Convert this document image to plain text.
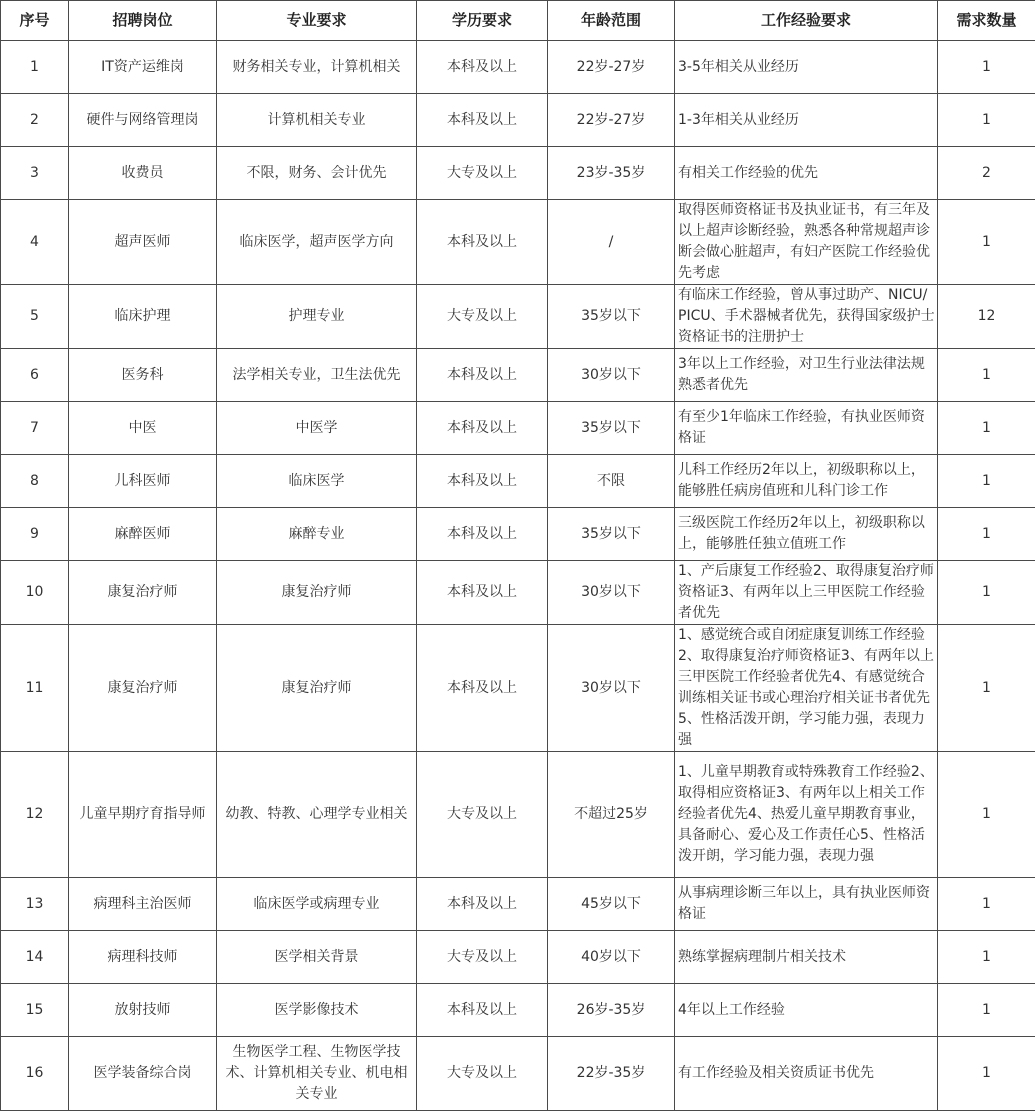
序号	招聘岗位	专业要求	学历要求	年龄范围	工作经验要求	需求数量
1	IT资产运维岗	财务相关专业，计算机相关	本科及以上	22岁-27岁	3-5年相关从业经历	1
2	硬件与网络管理岗	计算机相关专业	本科及以上	22岁-27岁	1-3年相关从业经历	1
3	收费员	不限，财务、会计优先	大专及以上	23岁-35岁	有相关工作经验的优先	2
4	超声医师	临床医学，超声医学方向	本科及以上	/	取得医师资格证书及执业证书，有三年及以上超声诊断经验，熟悉各种常规超声诊断会做心脏超声，有妇产医院工作经验优先考虑	1
5	临床护理	护理专业	大专及以上	35岁以下	有临床工作经验，曾从事过助产、NICU/PICU、手术器械者优先，获得国家级护士资格证书的注册护士	12
6	医务科	法学相关专业，卫生法优先	本科及以上	30岁以下	3年以上工作经验，对卫生行业法律法规熟悉者优先	1
7	中医	中医学	本科及以上	35岁以下	有至少1年临床工作经验，有执业医师资格证	1
8	儿科医师	临床医学	本科及以上	不限	儿科工作经历2年以上，初级职称以上，能够胜任病房值班和儿科门诊工作	1
9	麻醉医师	麻醉专业	本科及以上	35岁以下	三级医院工作经历2年以上，初级职称以上，能够胜任独立值班工作	1
10	康复治疗师	康复治疗师	本科及以上	30岁以下	1、产后康复工作经验2、取得康复治疗师资格证3、有两年以上三甲医院工作经验者优先	1
11	康复治疗师	康复治疗师	本科及以上	30岁以下	1、感觉统合或自闭症康复训练工作经验2、取得康复治疗师资格证3、有两年以上三甲医院工作经验者优先4、有感觉统合训练相关证书或心理治疗相关证书者优先5、性格活泼开朗，学习能力强，表现力强	1
12	儿童早期疗育指导师	幼教、特教、心理学专业相关	大专及以上	不超过25岁	1、儿童早期教育或特殊教育工作经验2、取得相应资格证3、有两年以上相关工作经验者优先4、热爱儿童早期教育事业，具备耐心、爱心及工作责任心5、性格活泼开朗，学习能力强，表现力强	1
13	病理科主治医师	临床医学或病理专业	本科及以上	45岁以下	从事病理诊断三年以上，具有执业医师资格证	1
14	病理科技师	医学相关背景	大专及以上	40岁以下	熟练掌握病理制片相关技术	1
15	放射技师	医学影像技术	本科及以上	26岁-35岁	4年以上工作经验	1
16	医学装备综合岗	生物医学工程、生物医学技术、计算机相关专业、机电相关专业	大专及以上	22岁-35岁	有工作经验及相关资质证书优先	1
